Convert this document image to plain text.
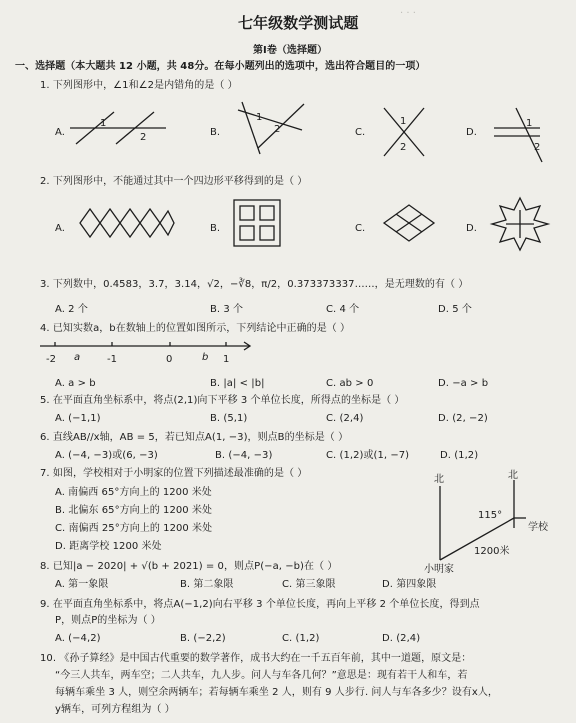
· · ·
七年级数学测试题
第Ⅰ卷（选择题）
一、选择题（本大题共 12 小题，共 48分。在每小题列出的选项中，选出符合题目的一项）
1. 下列图形中，∠1和∠2是内错角的是（ ）
A.
1
2	B.
1
2	C.
1
2
D.
1
2
2. 下列图形中，不能通过其中一个四边形平移得到的是（ ）
A.	B.	C.	D.
3. 下列数中，0.4583，3.7，3.14，√2，−∛8，π/2，0.373373337……，是无理数的有（ ）
A. 2 个	B. 3 个	C. 4 个	D. 5 个
4. 已知实数a，b在数轴上的位置如图所示，下列结论中正确的是（ ）
-2 a	-1	0	b 1
A. a > b	B. |a| < |b|	C. ab > 0	D. −a > b
5. 在平面直角坐标系中，将点(2,1)向下平移 3 个单位长度，所得点的坐标是（ ）
A. (−1,1)	B. (5,1)	C. (2,4)	D. (2, −2)
6. 直线AB//x轴，AB = 5，若已知点A(1, −3)，则点B的坐标是（ ）
A. (−4, −3)或(6, −3)	B. (−4, −3)	C. (1,2)或(1, −7)	D. (1,2)
7. 如图，学校相对于小明家的位置下列描述最准确的是（ ）
A. 南偏西 65°方向上的 1200 米处
B. 北偏东 65°方向上的 1200 米处
C. 南偏西 25°方向上的 1200 米处
D. 距离学校 1200 米处
北	北
115°
学校
1200米
小明家
8. 已知|a − 2020| + √(b + 2021) = 0，则点P(−a, −b)在（ ）
A. 第一象限	B. 第二象限	C. 第三象限	D. 第四象限
9. 在平面直角坐标系中，将点A(−1,2)向右平移 3 个单位长度，再向上平移 2 个单位长度，得到点
P，则点P的坐标为（ ）
A. (−4,2)	B. (−2,2)	C. (1,2)	D. (2,4)
10. 《孙子算经》是中国古代重要的数学著作，成书大约在一千五百年前，其中一道题，原文是：
“今三人共车，两车空；二人共车，九人步。问人与车各几何？”意思是：现有若干人和车，若
每辆车乘坐 3 人，则空余两辆车；若每辆车乘坐 2 人，则有 9 人步行. 问人与车各多少？设有x人，
y辆车，可列方程组为（ ）
